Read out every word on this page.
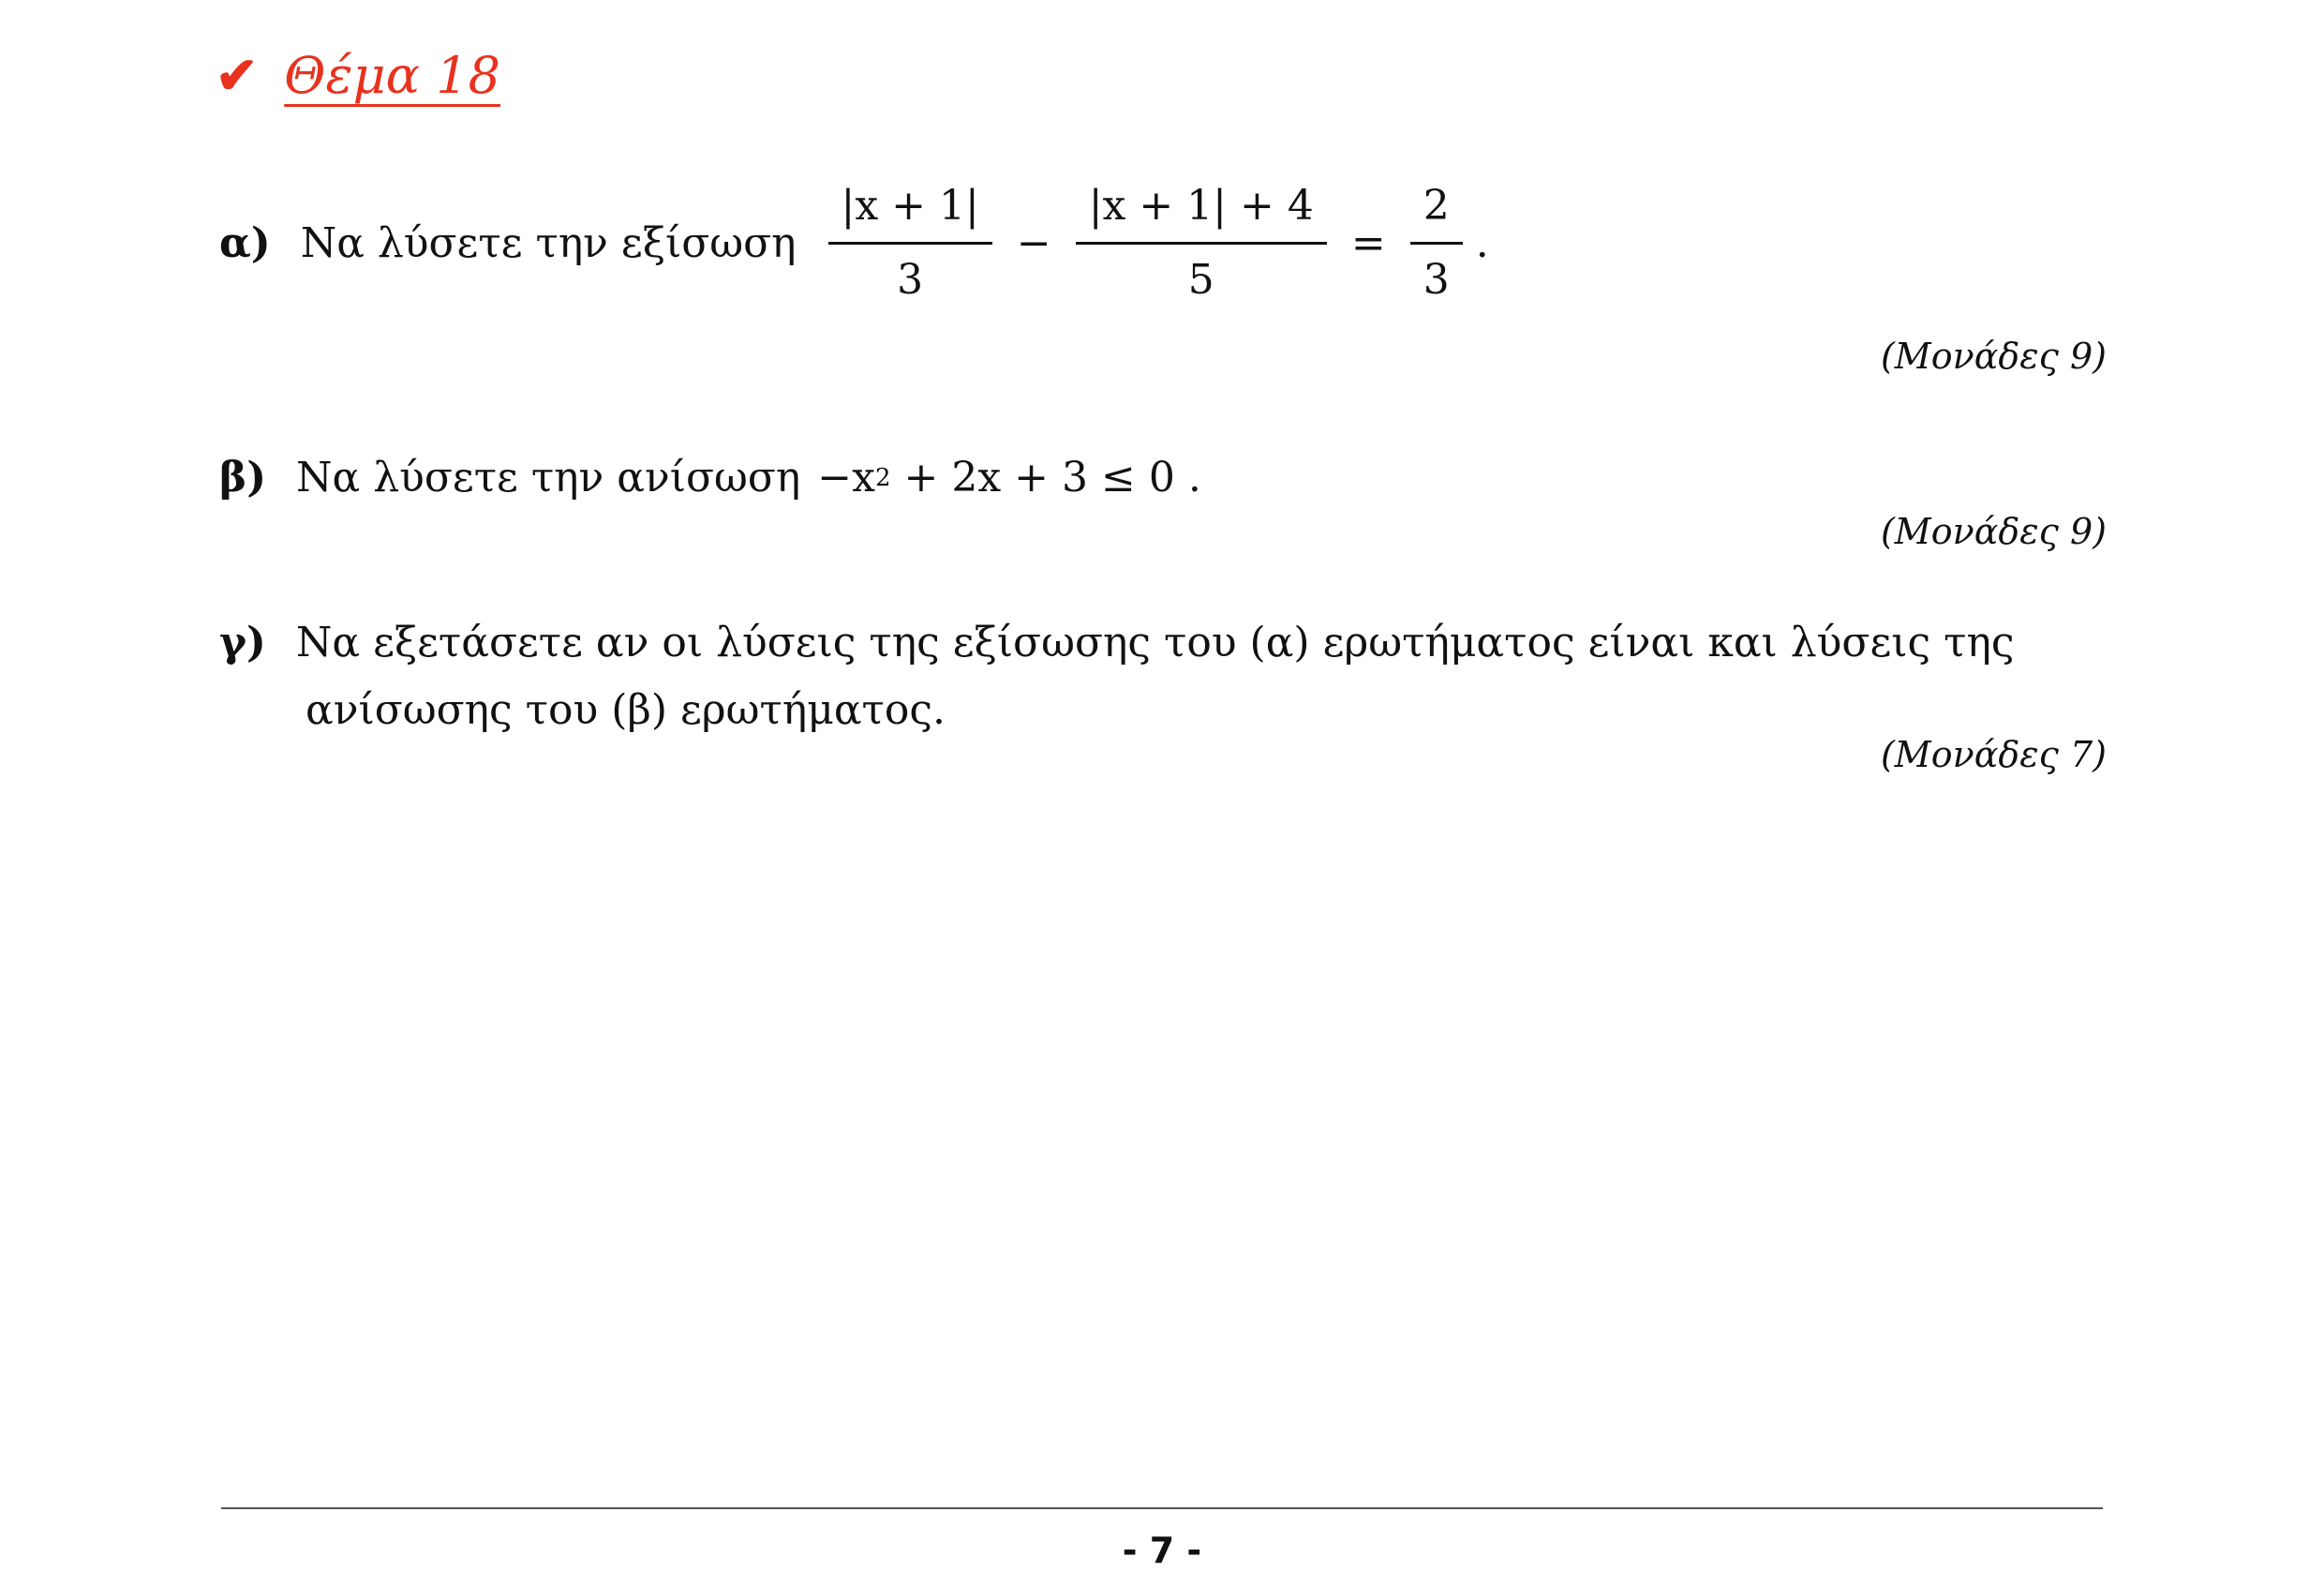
✔ Θέμα 18
α) Να λύσετε την εξίσωση $\frac{|x + 1|}{3} - \frac{|x + 1| + 4}{5} = \frac{2}{3}$ .
(Μονάδες 9)
β) Να λύσετε την ανίσωση −x 2 + 2x + 3 ≤ 0 .
(Μονάδες 9)
γ) Να εξετάσετε αν οι λύσεις της εξίσωσης του (α) ερωτήματος είναι και λύσεις της
ανίσωσης του (β) ερωτήματος.
(Μονάδες 7)
- 7 -
